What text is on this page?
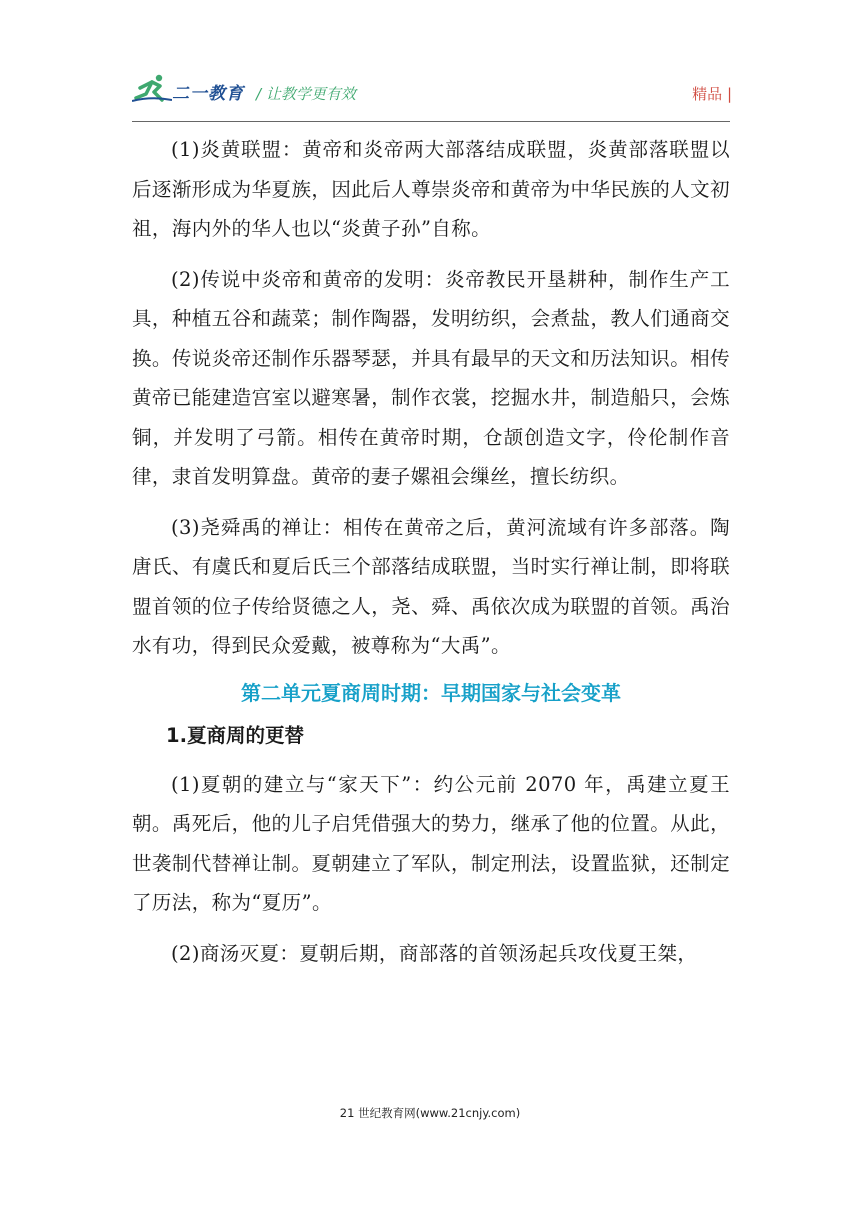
二一教育 / 让教学更有效	精品 |

(1)炎黄联盟：黄帝和炎帝两大部落结成联盟，炎黄部落联盟以后逐渐形成为华夏族，因此后人尊崇炎帝和黄帝为中华民族的人文初祖，海内外的华人也以“炎黄子孙”自称。

(2)传说中炎帝和黄帝的发明：炎帝教民开垦耕种，制作生产工具，种植五谷和蔬菜；制作陶器，发明纺织，会煮盐，教人们通商交换。传说炎帝还制作乐器琴瑟，并具有最早的天文和历法知识。相传黄帝已能建造宫室以避寒暑，制作衣裳，挖掘水井，制造船只，会炼铜，并发明了弓箭。相传在黄帝时期，仓颉创造文字，伶伦制作音律，隶首发明算盘。黄帝的妻子嫘祖会缫丝，擅长纺织。

(3)尧舜禹的禅让：相传在黄帝之后，黄河流域有许多部落。陶唐氏、有虞氏和夏后氏三个部落结成联盟，当时实行禅让制，即将联盟首领的位子传给贤德之人，尧、舜、禹依次成为联盟的首领。禹治水有功，得到民众爱戴，被尊称为“大禹”。

第二单元夏商周时期：早期国家与社会变革
1.夏商周的更替

(1)夏朝的建立与“家天下”：约公元前 2070 年，禹建立夏王朝。禹死后，他的儿子启凭借强大的势力，继承了他的位置。从此，世袭制代替禅让制。夏朝建立了军队，制定刑法，设置监狱，还制定了历法，称为“夏历”。

(2)商汤灭夏：夏朝后期，商部落的首领汤起兵攻伐夏王桀，

21 世纪教育网(www.21cnjy.com)
